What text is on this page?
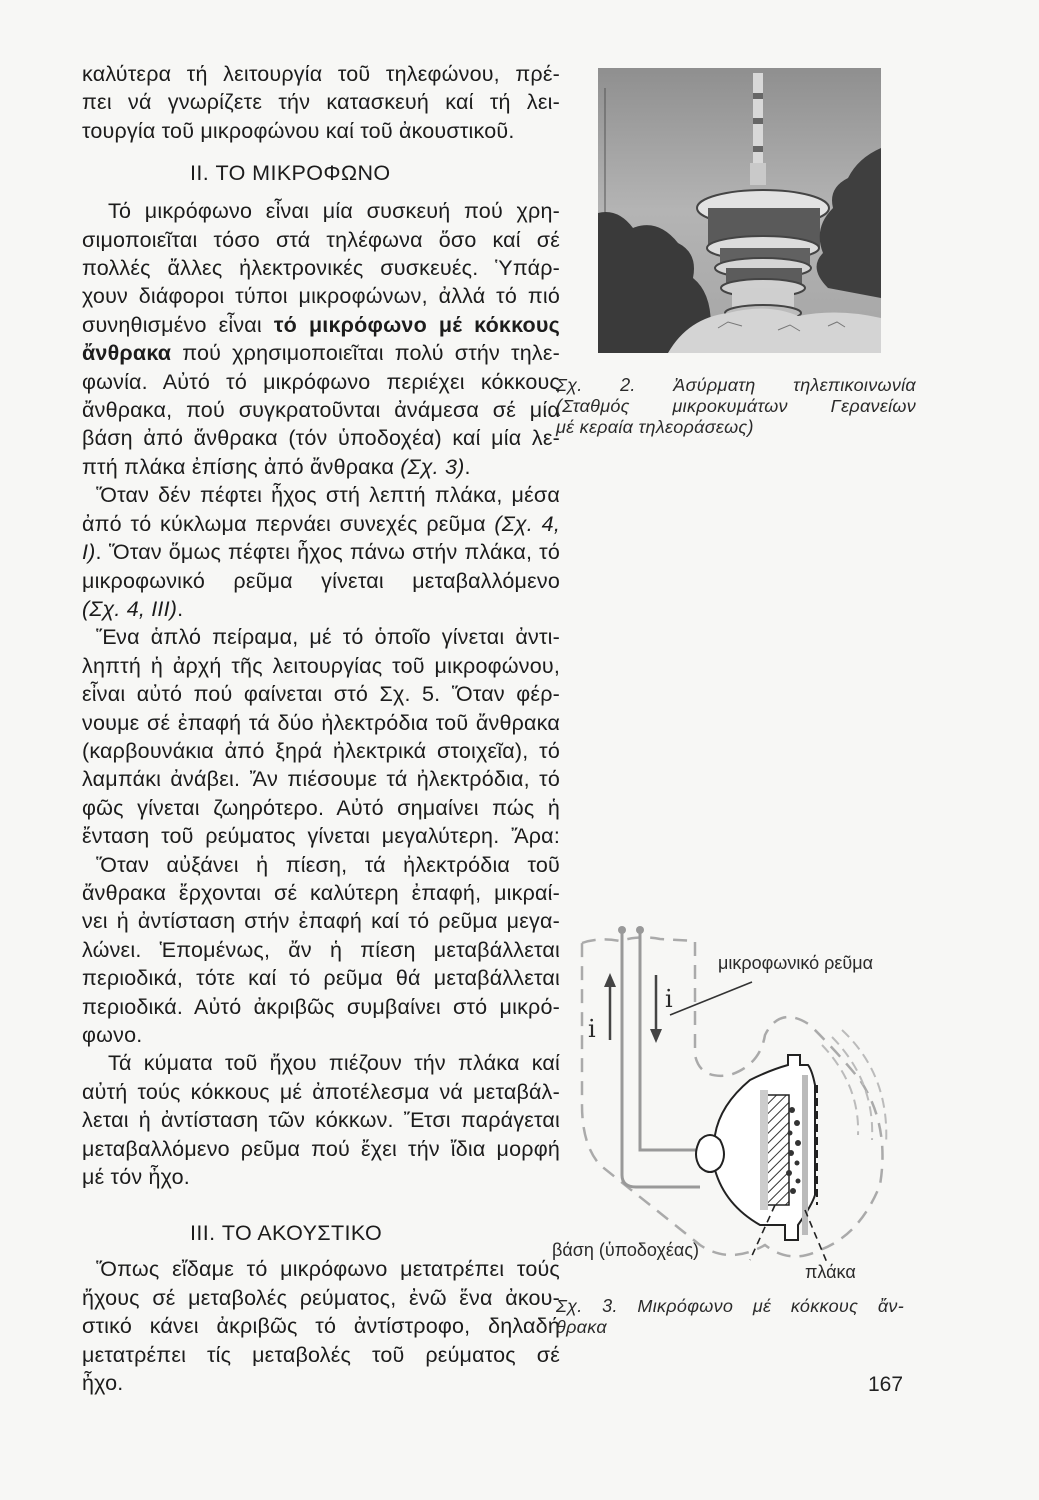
καλύτερα τή λειτουργία τοῦ τηλεφώνου, πρέ-
πει νά γνωρίζετε τήν κατασκευή καί τή λει-
τουργία τοῦ μικροφώνου καί τοῦ ἀκουστικοῦ.
II. ΤΟ ΜΙΚΡΟΦΩΝΟ
Τό μικρόφωνο εἶναι μία συσκευή πού χρη-
σιμοποιεῖται τόσο στά τηλέφωνα ὅσο καί σέ
πολλές ἄλλες ἠλεκτρονικές συσκευές. Ὑπάρ-
χουν διάφοροι τύποι μικροφώνων, ἀλλά τό πιό
συνηθισμένο εἶναι τό μικρόφωνο μέ κόκκους
ἄνθρακα πού χρησιμοποιεῖται πολύ στήν τηλε-
φωνία. Αὐτό τό μικρόφωνο περιέχει κόκκους
ἄνθρακα, πού συγκρατοῦνται ἀνάμεσα σέ μία
βάση ἀπό ἄνθρακα (τόν ὑποδοχέα) καί μία λε-
πτή πλάκα ἐπίσης ἀπό ἄνθρακα (Σχ. 3).
Ὅταν δέν πέφτει ἦχος στή λεπτή πλάκα, μέσα
ἀπό τό κύκλωμα περνάει συνεχές ρεῦμα (Σχ. 4,
I). Ὅταν ὅμως πέφτει ἦχος πάνω στήν πλάκα, τό
μικροφωνικό ρεῦμα γίνεται μεταβαλλόμενο
(Σχ. 4, III).
Ἕνα ἁπλό πείραμα, μέ τό ὁποῖο γίνεται ἀντι-
ληπτή ἡ ἀρχή τῆς λειτουργίας τοῦ μικροφώνου,
εἶναι αὐτό πού φαίνεται στό Σχ. 5. Ὅταν φέρ-
νουμε σέ ἐπαφή τά δύο ἠλεκτρόδια τοῦ ἄνθρακα
(καρβουνάκια ἀπό ξηρά ἠλεκτρικά στοιχεῖα), τό
λαμπάκι ἀνάβει. Ἄν πιέσουμε τά ἠλεκτρόδια, τό
φῶς γίνεται ζωηρότερο. Αὐτό σημαίνει πώς ἡ
ἔνταση τοῦ ρεύματος γίνεται μεγαλύτερη. Ἄρα:
Ὅταν αὐξάνει ἡ πίεση, τά ἠλεκτρόδια τοῦ
ἄνθρακα ἔρχονται σέ καλύτερη ἐπαφή, μικραί-
νει ἡ ἀντίσταση στήν ἐπαφή καί τό ρεῦμα μεγα-
λώνει. Ἑπομένως, ἄν ἡ πίεση μεταβάλλεται
περιοδικά, τότε καί τό ρεῦμα θά μεταβάλλεται
περιοδικά. Αὐτό ἀκριβῶς συμβαίνει στό μικρό-
φωνο.
Τά κύματα τοῦ ἤχου πιέζουν τήν πλάκα καί
αὐτή τούς κόκκους μέ ἀποτέλεσμα νά μεταβάλ-
λεται ἡ ἀντίσταση τῶν κόκκων. Ἔτσι παράγεται
μεταβαλλόμενο ρεῦμα πού ἔχει τήν ἴδια μορφή
μέ τόν ἦχο.
III. ΤΟ ΑΚΟΥΣΤΙΚΟ
Ὅπως εἴδαμε τό μικρόφωνο μετατρέπει τούς
ἤχους σέ μεταβολές ρεύματος, ἐνῶ ἕνα ἀκου-
στικό κάνει ἀκριβῶς τό ἀντίστροφο, δηλαδή
μετατρέπει τίς μεταβολές τοῦ ρεύματος σέ
ἦχο.
Σχ. 2. Ἀσύρματη τηλεπικοινωνία
(Σταθμός μικροκυμάτων Γερανείων
μέ κεραία τηλεοράσεως)
μικροφωνικό ρεῦμα
i
i
βάση (ὑποδοχέας)
πλάκα
Σχ. 3. Μικρόφωνο μέ κόκκους ἄν-
θρακα
167
